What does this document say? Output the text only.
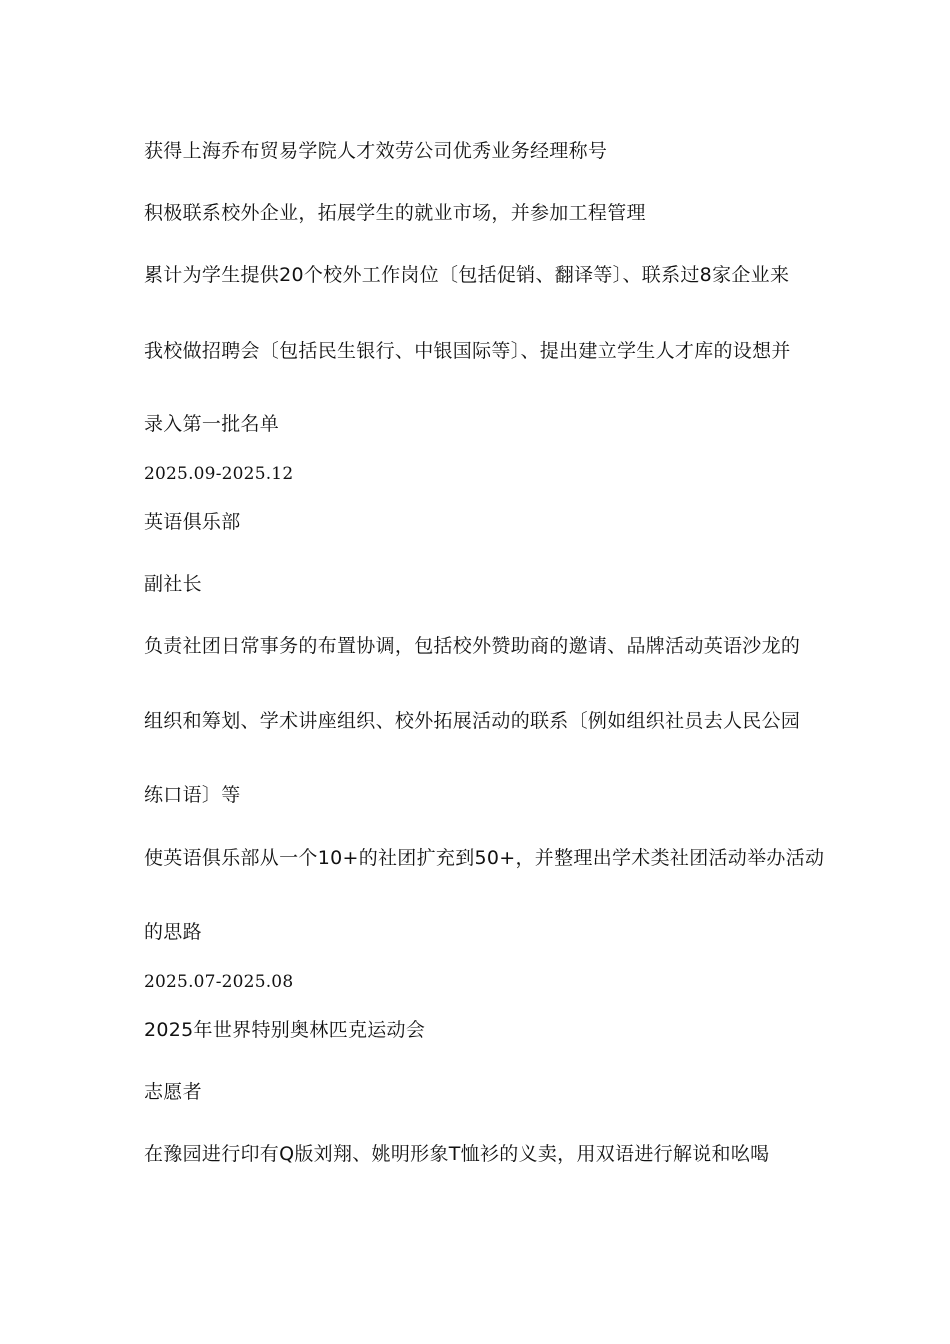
获得上海乔布贸易学院人才效劳公司优秀业务经理称号
积极联系校外企业，拓展学生的就业市场，并参加工程管理
累计为学生提供20个校外工作岗位〔包括促销、翻译等〕、联系过8家企业来
我校做招聘会〔包括民生银行、中银国际等〕、提出建立学生人才库的设想并
录入第一批名单
2025.09-2025.12
英语俱乐部
副社长
负责社团日常事务的布置协调，包括校外赞助商的邀请、品牌活动英语沙龙的
组织和筹划、学术讲座组织、校外拓展活动的联系〔例如组织社员去人民公园
练口语〕等
使英语俱乐部从一个10+的社团扩充到50+，并整理出学术类社团活动举办活动
的思路
2025.07-2025.08
2025年世界特别奥林匹克运动会
志愿者
在豫园进行印有Q版刘翔、姚明形象T恤衫的义卖，用双语进行解说和吆喝
